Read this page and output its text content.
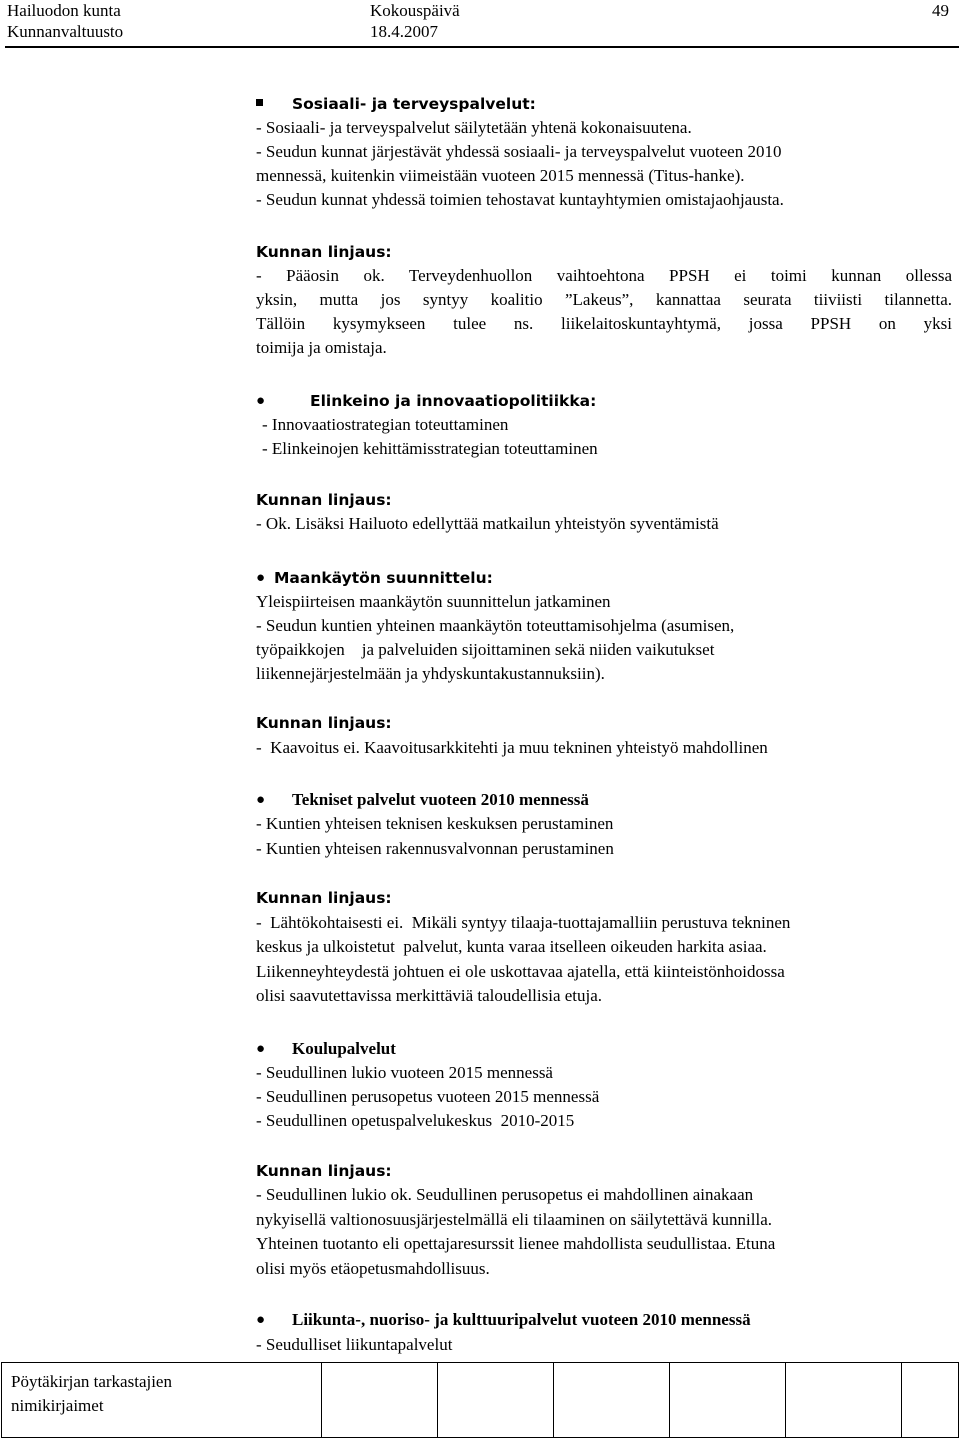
Hailuodon kunta
Kunnanvaltuusto
Kokouspäivä
18.4.2007
49
Sosiaali- ja terveyspalvelut:
- Sosiaali- ja terveyspalvelut säilytetään yhtenä kokonaisuutena.
- Seudun kunnat järjestävät yhdessä sosiaali- ja terveyspalvelut vuoteen 2010
mennessä, kuitenkin viimeistään vuoteen 2015 mennessä (Titus-hanke).
- Seudun kunnat yhdessä toimien tehostavat kuntayhtymien omistajaohjausta.
Kunnan linjaus:
- Pääosin ok. Terveydenhuollon vaihtoehtona PPSH ei toimi kunnan ollessa
yksin, mutta jos syntyy koalitio ”Lakeus”, kannattaa seurata tiiviisti tilannetta.
Tällöin kysymykseen tulee ns. liikelaitoskuntayhtymä, jossa PPSH on yksi
toimija ja omistaja.
●	Elinkeino ja innovaatiopolitiikka:
- Innovaatiostrategian toteuttaminen
- Elinkeinojen kehittämisstrategian toteuttaminen
Kunnan linjaus:
- Ok. Lisäksi Hailuoto edellyttää matkailun yhteistyön syventämistä
● Maankäytön suunnittelu:
Yleispiirteisen maankäytön suunnittelun jatkaminen
- Seudun kuntien yhteinen maankäytön toteuttamisohjelma (asumisen,
työpaikkojen    ja palveluiden sijoittaminen sekä niiden vaikutukset
liikennejärjestelmään ja yhdyskuntakustannuksiin).
Kunnan linjaus:
-  Kaavoitus ei. Kaavoitusarkkitehti ja muu tekninen yhteistyö mahdollinen
● Tekniset palvelut vuoteen 2010 mennessä
- Kuntien yhteisen teknisen keskuksen perustaminen
- Kuntien yhteisen rakennusvalvonnan perustaminen
Kunnan linjaus:
-  Lähtökohtaisesti ei.  Mikäli syntyy tilaaja-tuottajamalliin perustuva tekninen
keskus ja ulkoistetut  palvelut, kunta varaa itselleen oikeuden harkita asiaa.
Liikenneyhteydestä johtuen ei ole uskottavaa ajatella, että kiinteistönhoidossa
olisi saavutettavissa merkittäviä taloudellisia etuja.
● Koulupalvelut
- Seudullinen lukio vuoteen 2015 mennessä
- Seudullinen perusopetus vuoteen 2015 mennessä
- Seudullinen opetuspalvelukeskus  2010-2015
Kunnan linjaus:
- Seudullinen lukio ok. Seudullinen perusopetus ei mahdollinen ainakaan
nykyisellä valtionosuusjärjestelmällä eli tilaaminen on säilytettävä kunnilla.
Yhteinen tuotanto eli opettajaresurssit lienee mahdollista seudullistaa. Etuna
olisi myös etäopetusmahdollisuus.
● Liikunta-, nuoriso- ja kulttuuripalvelut vuoteen 2010 mennessä
- Seudulliset liikuntapalvelut
Pöytäkirjan tarkastajien
nimikirjaimet
